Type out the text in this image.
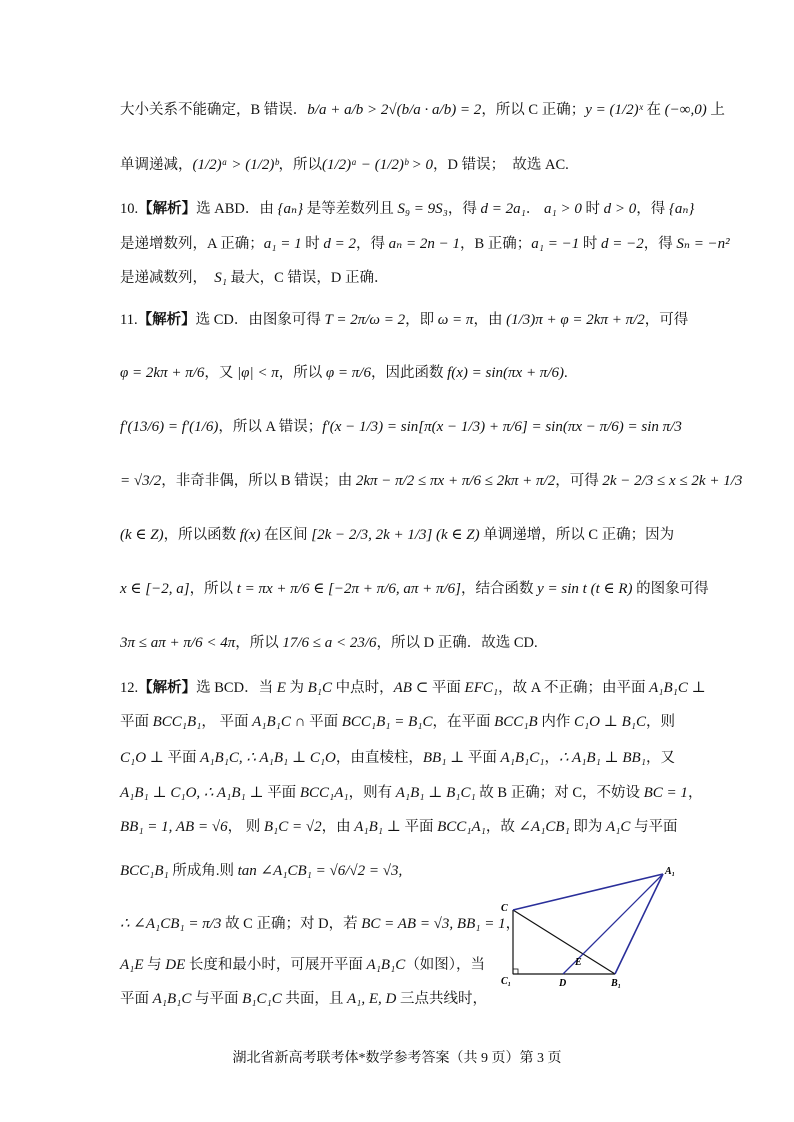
大小关系不能确定，B 错误．b/a + a/b > 2√(b/a · a/b) = 2，所以 C 正确；y = (1/2)ˣ 在 (−∞,0) 上
单调递减，(1/2)ᵃ > (1/2)ᵇ，所以(1/2)ᵃ − (1/2)ᵇ > 0，D 错误；　故选 AC.
10.【解析】选 ABD．由 {aₙ} 是等差数列且 S₉ = 9S₃，得 d = 2a₁． a₁ > 0 时 d > 0，得 {aₙ}
是递增数列，A 正确；a₁ = 1 时 d = 2，得 aₙ = 2n − 1，B 正确；a₁ = −1 时 d = −2，得 Sₙ = −n²
是递减数列，　S₁ 最大，C 错误，D 正确．
11.【解析】选 CD．由图象可得 T = 2π/ω = 2，即 ω = π，由 (1/3)π + φ = 2kπ + π/2，可得
φ = 2kπ + π/6，又 |φ| < π，所以 φ = π/6，因此函数 f(x) = sin(πx + π/6).
f′(13/6) = f′(1/6)，所以 A 错误；f′(x − 1/3) = sin[π(x − 1/3) + π/6] = sin(πx − π/6) = sin π/3
= √3/2，非奇非偶，所以 B 错误；由 2kπ − π/2 ≤ πx + π/6 ≤ 2kπ + π/2，可得 2k − 2/3 ≤ x ≤ 2k + 1/3
(k ∈ Z)，所以函数 f(x) 在区间 [2k − 2/3, 2k + 1/3] (k ∈ Z) 单调递增，所以 C 正确；因为
x ∈ [−2, a]，所以 t = πx + π/6 ∈ [−2π + π/6, aπ + π/6]，结合函数 y = sin t (t ∈ R) 的图象可得
3π ≤ aπ + π/6 < 4π，所以 17/6 ≤ a < 23/6，所以 D 正确．故选 CD.
12.【解析】选 BCD．当 E 为 B₁C 中点时，AB ⊂ 平面 EFC₁，故 A 不正确；由平面 A₁B₁C ⊥
平面 BCC₁B₁， 平面 A₁B₁C ∩ 平面 BCC₁B₁ = B₁C，在平面 BCC₁B 内作 C₁O ⊥ B₁C，则
C₁O ⊥ 平面 A₁B₁C, ∴ A₁B₁ ⊥ C₁O，由直棱柱，BB₁ ⊥ 平面 A₁B₁C₁，∴ A₁B₁ ⊥ BB₁，又
A₁B₁ ⊥ C₁O, ∴ A₁B₁ ⊥ 平面 BCC₁A₁，则有 A₁B₁ ⊥ B₁C₁ 故 B 正确；对 C，不妨设 BC = 1，
BB₁ = 1, AB = √6， 则 B₁C = √2，由 A₁B₁ ⊥ 平面 BCC₁A₁，故 ∠A₁CB₁ 即为 A₁C 与平面
BCC₁B₁ 所成角.则 tan ∠A₁CB₁ = √6/√2 = √3,
∴ ∠A₁CB₁ = π/3 故 C 正确；对 D，若 BC = AB = √3, BB₁ = 1，
A₁E 与 DE 长度和最小时，可展开平面 A₁B₁C（如图），当
平面 A₁B₁C 与平面 B₁C₁C 共面，且 A₁, E, D 三点共线时，
A₁
C
C₁	D
E
B₁
湖北省新高考联考体*数学参考答案（共 9 页）第 3 页
